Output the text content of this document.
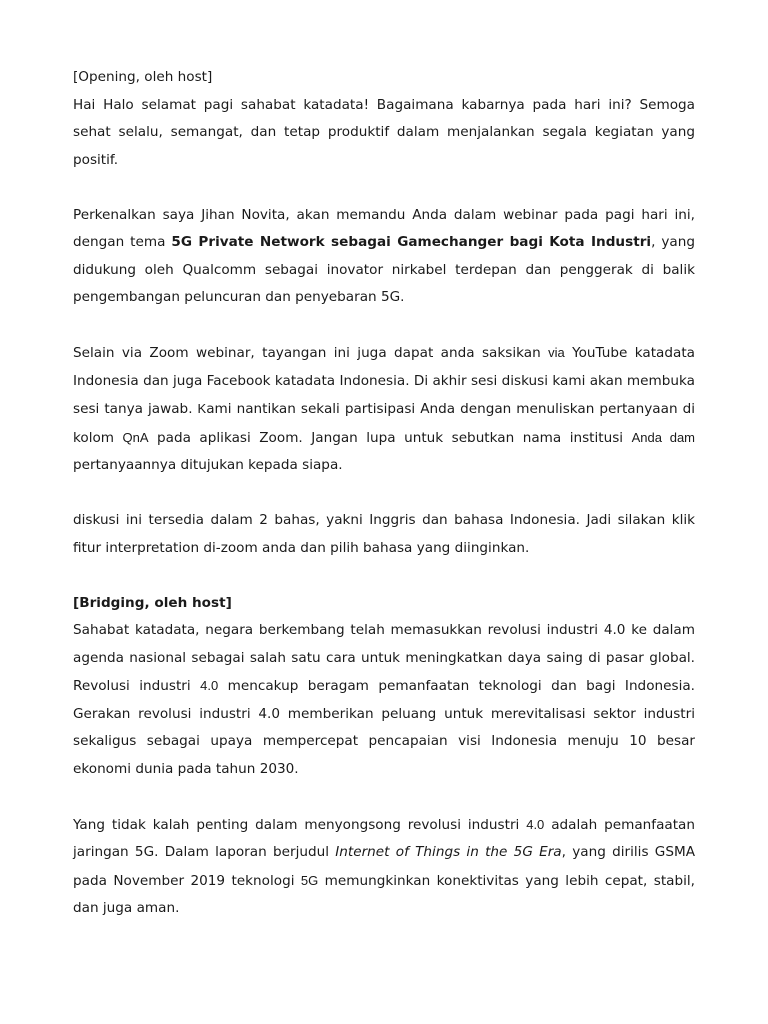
[Opening, oleh host]
Hai Halo selamat pagi sahabat katadata! Bagaimana kabarnya pada hari ini? Semoga sehat selalu, semangat, dan tetap produktif dalam menjalankan segala kegiatan yang positif.

Perkenalkan saya Jihan Novita, akan memandu Anda dalam webinar pada pagi hari ini, dengan tema 5G Private Network sebagai Gamechanger bagi Kota Industri, yang didukung oleh Qualcomm sebagai inovator nirkabel terdepan dan penggerak di balik pengembangan peluncuran dan penyebaran 5G.

Selain via Zoom webinar, tayangan ini juga dapat anda saksikan via YouTube katadata Indonesia dan juga Facebook katadata Indonesia. Di akhir sesi diskusi kami akan membuka sesi tanya jawab. Kami nantikan sekali partisipasi Anda dengan menuliskan pertanyaan di kolom QnA pada aplikasi Zoom. Jangan lupa untuk sebutkan nama institusi Anda dam pertanyaannya ditujukan kepada siapa.

diskusi ini tersedia dalam 2 bahas, yakni Inggris dan bahasa Indonesia. Jadi silakan klik fitur interpretation di-zoom anda dan pilih bahasa yang diinginkan.

[Bridging, oleh host]
Sahabat katadata, negara berkembang telah memasukkan revolusi industri 4.0 ke dalam agenda nasional sebagai salah satu cara untuk meningkatkan daya saing di pasar global. Revolusi industri 4.0 mencakup beragam pemanfaatan teknologi dan bagi Indonesia. Gerakan revolusi industri 4.0 memberikan peluang untuk merevitalisasi sektor industri sekaligus sebagai upaya mempercepat pencapaian visi Indonesia menuju 10 besar ekonomi dunia pada tahun 2030.

Yang tidak kalah penting dalam menyongsong revolusi industri 4.0 adalah pemanfaatan jaringan 5G. Dalam laporan berjudul Internet of Things in the 5G Era, yang dirilis GSMA pada November 2019 teknologi 5G memungkinkan konektivitas yang lebih cepat, stabil, dan juga aman.
